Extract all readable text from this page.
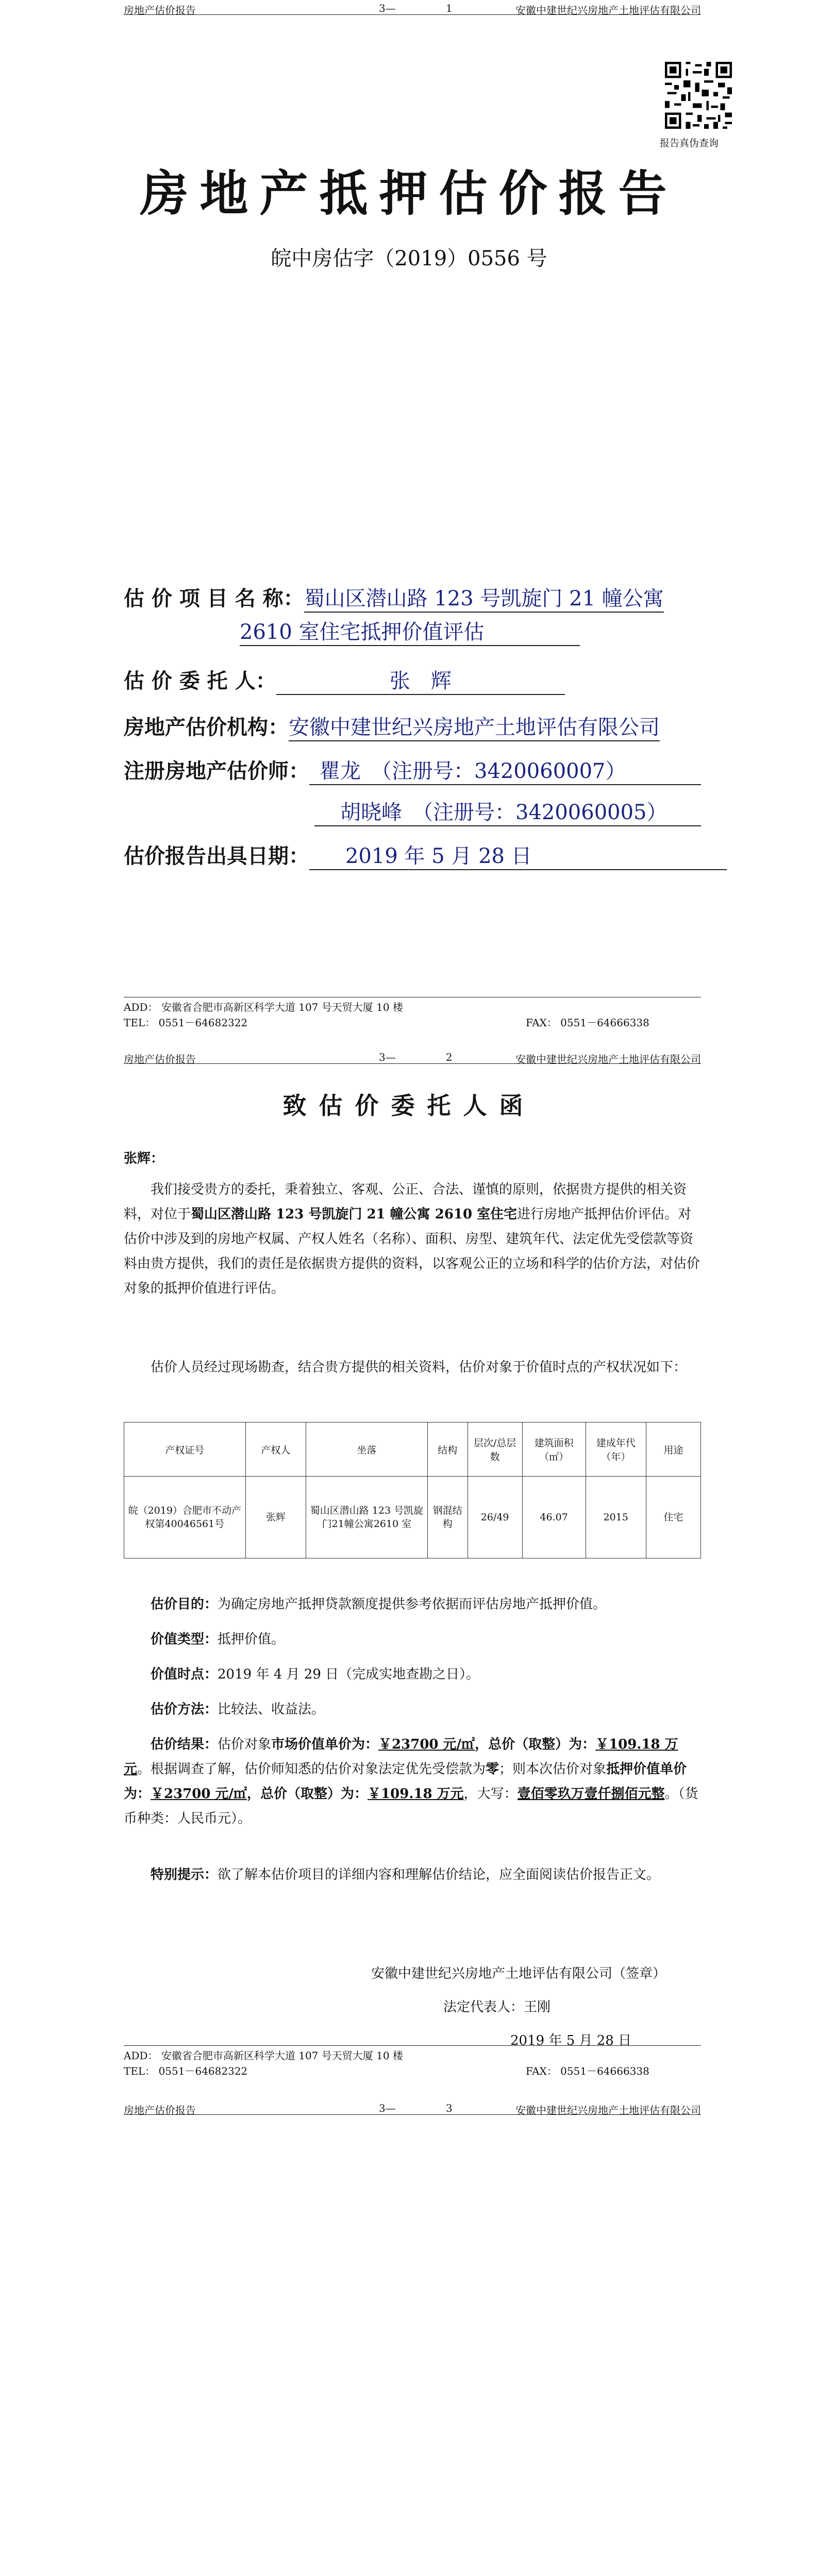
房地产估价报告	3—	1	安徽中建世纪兴房地产土地评估有限公司
报告真伪查询
房地产抵押估价报告
皖中房估字（2019）0556 号
估 价 项 目 名 称：蜀山区潜山路 123 号凯旋门 21 幢公寓
2610 室住宅抵押价值评估
估 价 委 托 人：	张　辉
房地产估价机构：安徽中建世纪兴房地产土地评估有限公司
注册房地产估价师： 瞿龙　（注册号：3420060007）
胡晓峰　（注册号：3420060005）
估价报告出具日期： 2019 年 5 月 28 日
ADD： 安徽省合肥市高新区科学大道 107 号天贸大厦 10 楼
TEL： 0551－64682322	FAX： 0551－64666338
房地产估价报告	3—	2	安徽中建世纪兴房地产土地评估有限公司
致估价委托人函
张辉：
我们接受贵方的委托，秉着独立、客观、公正、合法、谨慎的原则，依据贵方提供的相关资料，对位于蜀山区潜山路 123 号凯旋门 21 幢公寓 2610 室住宅进行房地产抵押估价评估。对估价中涉及到的房地产权属、产权人姓名（名称）、面积、房型、建筑年代、法定优先受偿款等资料由贵方提供，我们的责任是依据贵方提供的资料，以客观公正的立场和科学的估价方法，对估价对象的抵押价值进行评估。
估价人员经过现场勘查，结合贵方提供的相关资料，估价对象于价值时点的产权状况如下：
产权证号	产权人	坐落	结构	层次/总层数	建筑面积（㎡）	建成年代（年）	用途
皖（2019）合肥市不动产权第40046561号	张辉	蜀山区潜山路 123 号凯旋门21幢公寓2610 室	钢混结构	26/49	46.07	2015	住宅
估价目的：为确定房地产抵押贷款额度提供参考依据而评估房地产抵押价值。
价值类型：抵押价值。
价值时点：2019 年 4 月 29 日（完成实地查勘之日）。
估价方法：比较法、收益法。
估价结果：估价对象市场价值单价为：￥23700 元/㎡，总价（取整）为：￥109.18 万元。根据调查了解，估价师知悉的估价对象法定优先受偿款为零；则本次估价对象抵押价值单价为：￥23700 元/㎡，总价（取整）为：￥109.18 万元，大写：壹佰零玖万壹仟捌佰元整。（货币种类：人民币元）。
特别提示：欲了解本估价项目的详细内容和理解估价结论，应全面阅读估价报告正文。
安徽中建世纪兴房地产土地评估有限公司（签章）
法定代表人：王刚
2019 年 5 月 28 日
ADD： 安徽省合肥市高新区科学大道 107 号天贸大厦 10 楼
TEL： 0551－64682322	FAX： 0551－64666338
房地产估价报告	3—	3	安徽中建世纪兴房地产土地评估有限公司
